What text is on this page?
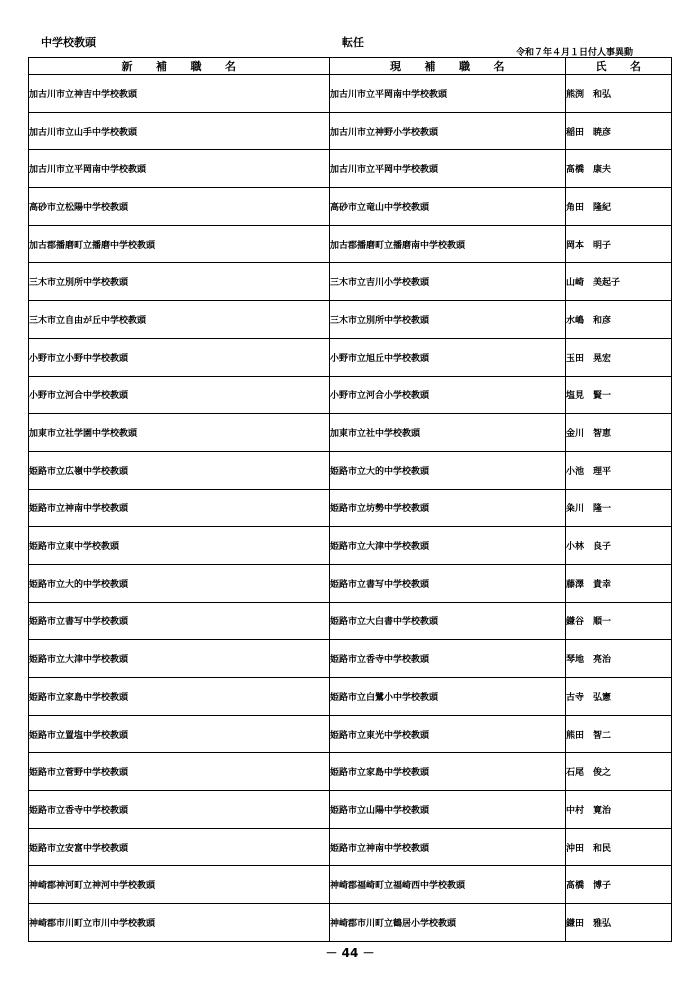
中学校教頭	転任
令和７年４月１日付人事異動
新　　補　　職　　名	現　　補　　職　　名	氏　　名
加古川市立神吉中学校教頭	加古川市立平岡南中学校教頭	熊渕　和弘
加古川市立山手中学校教頭	加古川市立神野小学校教頭	稲田　暁彦
加古川市立平岡南中学校教頭	加古川市立平岡中学校教頭	髙橋　康夫
高砂市立松陽中学校教頭	高砂市立竜山中学校教頭	角田　隆紀
加古郡播磨町立播磨中学校教頭	加古郡播磨町立播磨南中学校教頭	岡本　明子
三木市立別所中学校教頭	三木市立吉川小学校教頭	山崎　美起子
三木市立自由が丘中学校教頭	三木市立別所中学校教頭	水嶋　和彦
小野市立小野中学校教頭	小野市立旭丘中学校教頭	玉田　晃宏
小野市立河合中学校教頭	小野市立河合小学校教頭	塩見　賢一
加東市立社学園中学校教頭	加東市立社中学校教頭	金川　智恵
姫路市立広嶺中学校教頭	姫路市立大的中学校教頭	小池　理平
姫路市立神南中学校教頭	姫路市立坊勢中学校教頭	粂川　隆一
姫路市立東中学校教頭	姫路市立大津中学校教頭	小林　良子
姫路市立大的中学校教頭	姫路市立書写中学校教頭	藤澤　貴幸
姫路市立書写中学校教頭	姫路市立大白書中学校教頭	鎌谷　順一
姫路市立大津中学校教頭	姫路市立香寺中学校教頭	琴地　亮治
姫路市立家島中学校教頭	姫路市立白鷺小中学校教頭	古寺　弘憲
姫路市立置塩中学校教頭	姫路市立東光中学校教頭	熊田　智二
姫路市立菅野中学校教頭	姫路市立家島中学校教頭	石尾　俊之
姫路市立香寺中学校教頭	姫路市立山陽中学校教頭	中村　寛治
姫路市立安富中学校教頭	姫路市立神南中学校教頭	沖田　和民
神崎郡神河町立神河中学校教頭	神崎郡福崎町立福崎西中学校教頭	髙橋　博子
神崎郡市川町立市川中学校教頭	神崎郡市川町立鶴居小学校教頭	鎌田　雅弘
－ 44 －
